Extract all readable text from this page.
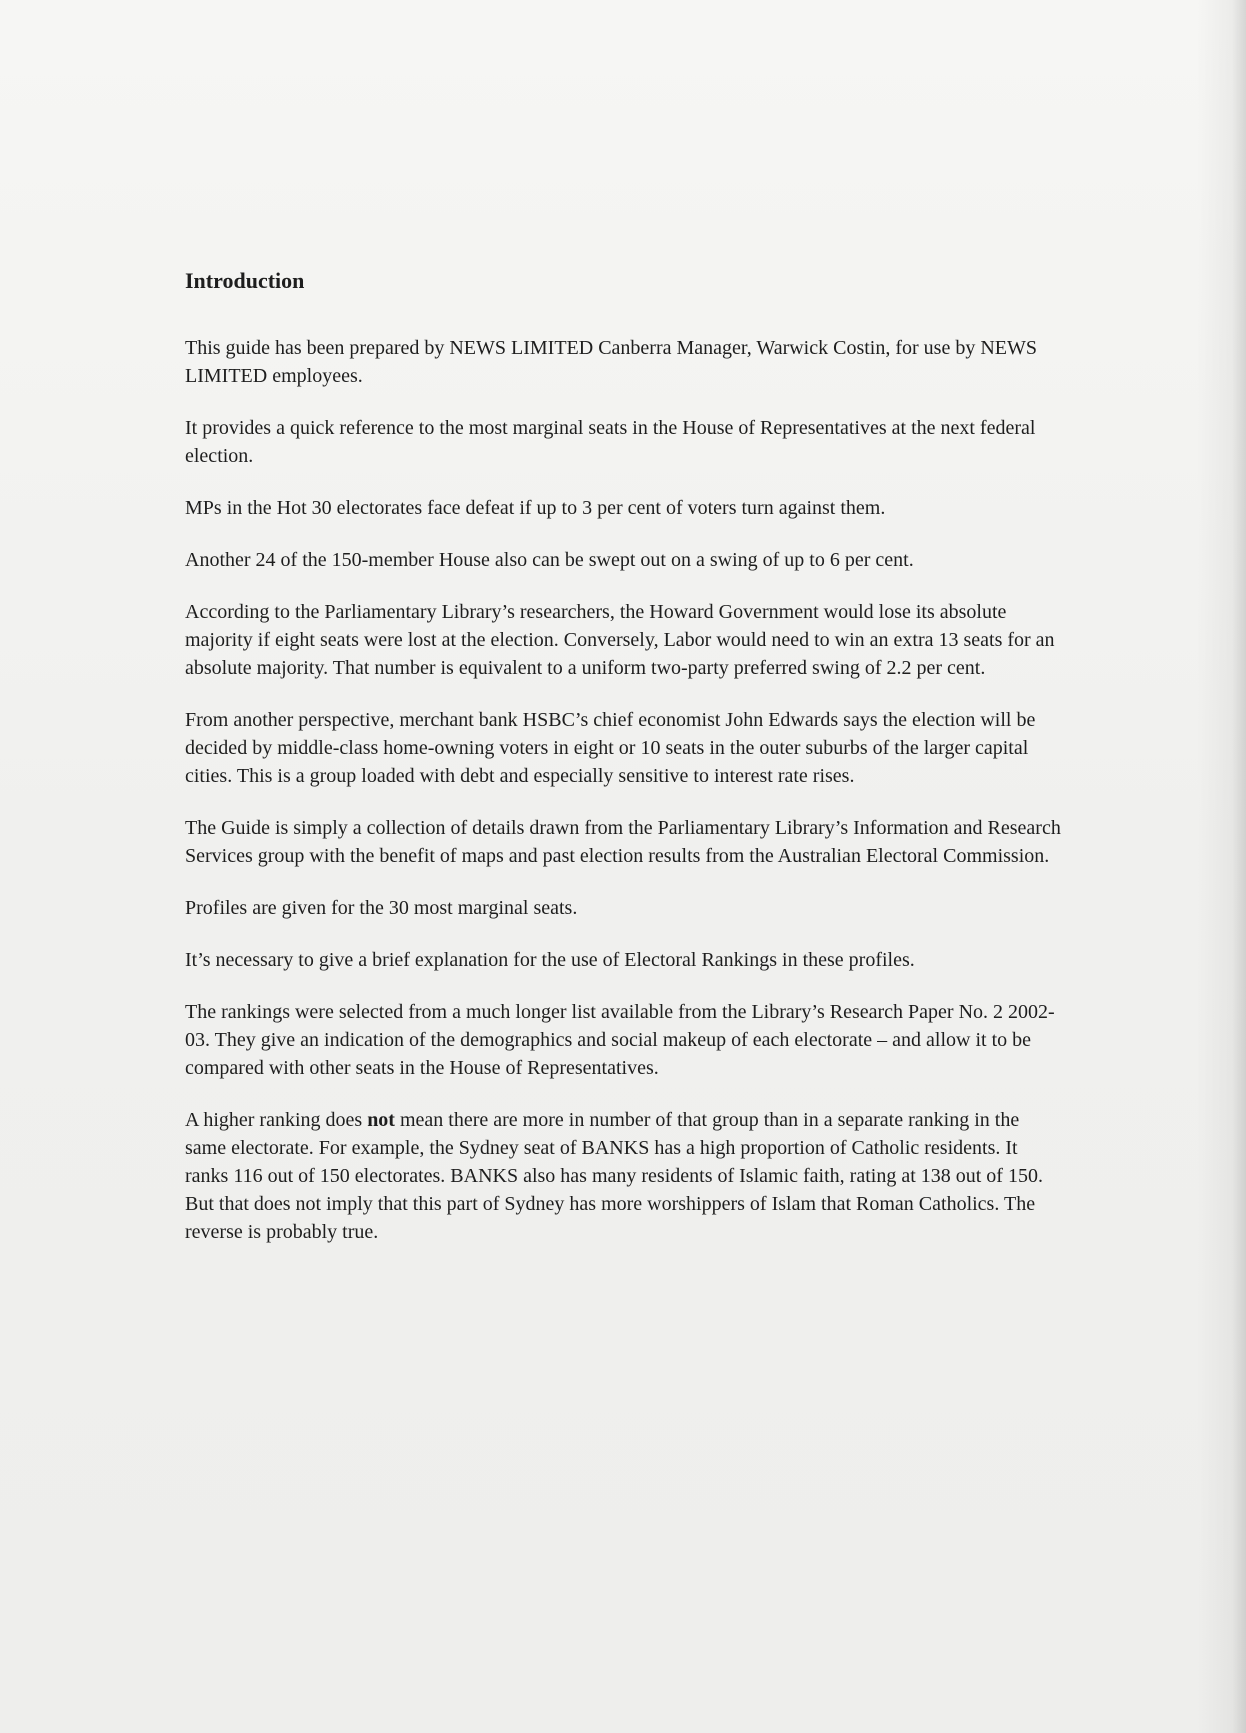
Introduction

This guide has been prepared by NEWS LIMITED Canberra Manager, Warwick Costin, for use by NEWS LIMITED employees.

It provides a quick reference to the most marginal seats in the House of Representatives at the next federal election.

MPs in the Hot 30 electorates face defeat if up to 3 per cent of voters turn against them.

Another 24 of the 150-member House also can be swept out on a swing of up to 6 per cent.

According to the Parliamentary Library’s researchers, the Howard Government would lose its absolute majority if eight seats were lost at the election. Conversely, Labor would need to win an extra 13 seats for an absolute majority. That number is equivalent to a uniform two-party preferred swing of 2.2 per cent.

From another perspective, merchant bank HSBC’s chief economist John Edwards says the election will be decided by middle-class home-owning voters in eight or 10 seats in the outer suburbs of the larger capital cities. This is a group loaded with debt and especially sensitive to interest rate rises.

The Guide is simply a collection of details drawn from the Parliamentary Library’s Information and Research Services group with the benefit of maps and past election results from the Australian Electoral Commission.

Profiles are given for the 30 most marginal seats.

It’s necessary to give a brief explanation for the use of Electoral Rankings in these profiles.

The rankings were selected from a much longer list available from the Library’s Research Paper No. 2 2002-03. They give an indication of the demographics and social makeup of each electorate – and allow it to be compared with other seats in the House of Representatives.

A higher ranking does not mean there are more in number of that group than in a separate ranking in the same electorate. For example, the Sydney seat of BANKS has a high proportion of Catholic residents. It ranks 116 out of 150 electorates. BANKS also has many residents of Islamic faith, rating at 138 out of 150. But that does not imply that this part of Sydney has more worshippers of Islam that Roman Catholics. The reverse is probably true.
